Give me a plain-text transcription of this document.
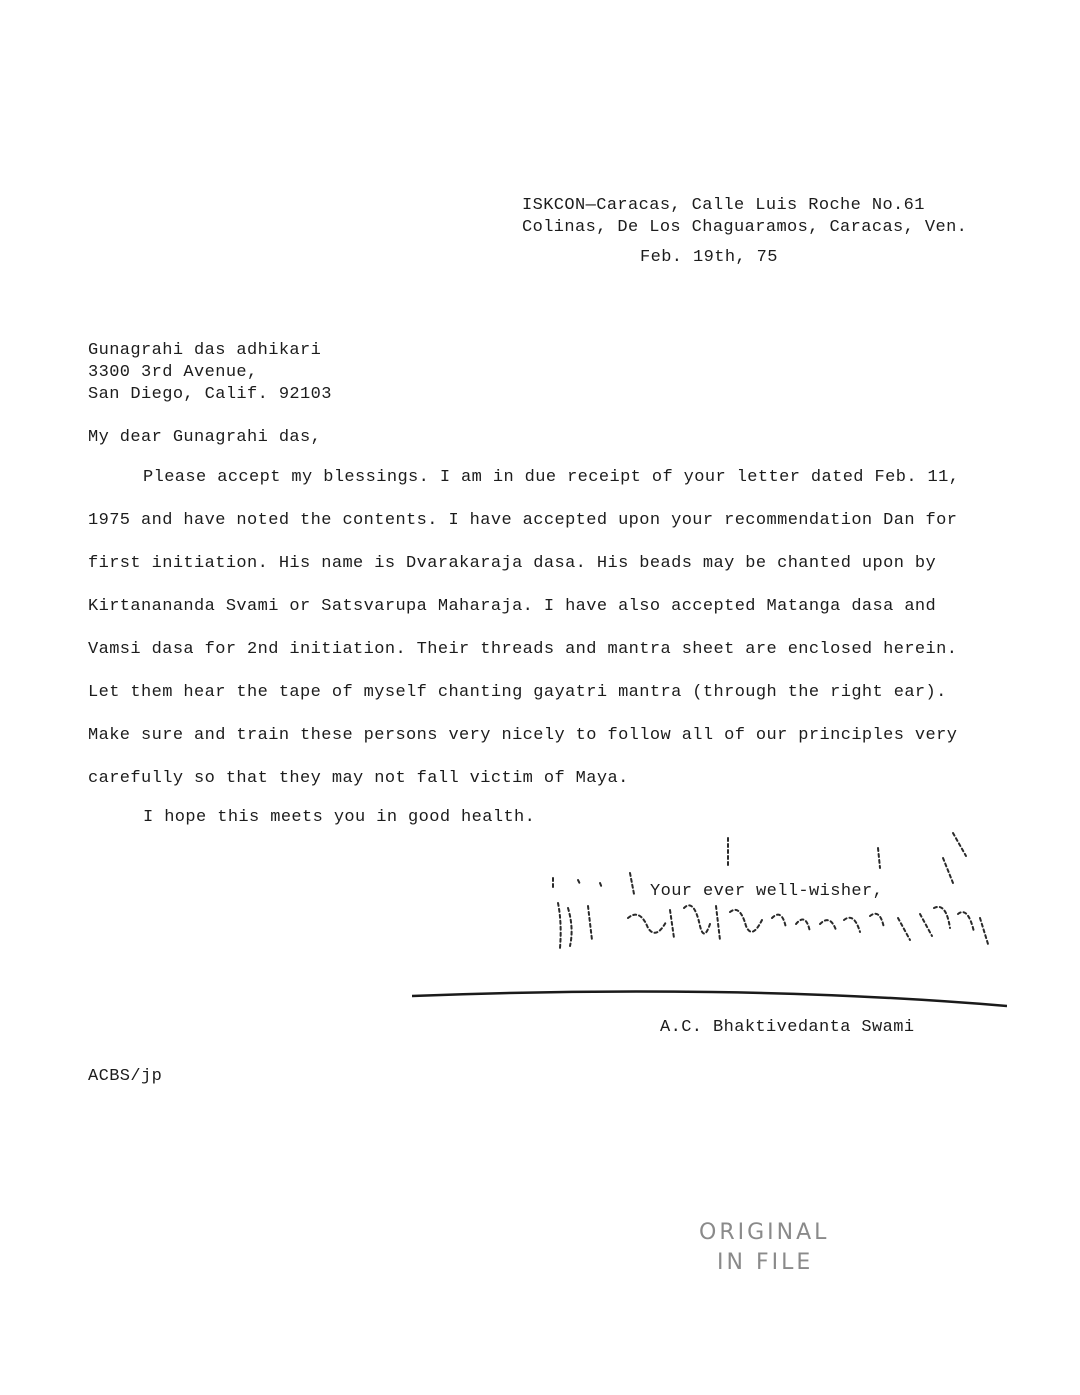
ISKCON—Caracas, Calle Luis Roche No.61
Colinas, De Los Chaguaramos, Caracas, Ven.
Feb. 19th, 75
Gunagrahi das adhikari
3300 3rd Avenue,
San Diego, Calif. 92103
My dear Gunagrahi das,
Please accept my blessings. I am in due receipt of your letter dated Feb. 11,
1975 and have noted the contents. I have accepted upon your recommendation Dan for
first initiation. His name is Dvarakaraja dasa. His beads may be chanted upon by
Kirtanananda Svami or Satsvarupa Maharaja. I have also accepted Matanga dasa and
Vamsi dasa for 2nd initiation. Their threads and mantra sheet are enclosed herein.
Let them hear the tape of myself chanting gayatri mantra (through the right ear).
Make sure and train these persons very nicely to follow all of our principles very
carefully so that they may not fall victim of Maya.
I hope this meets you in good health.
Your ever well-wisher,
A.C. Bhaktivedanta Swami
ACBS/jp
ORIGINAL
IN FILE
